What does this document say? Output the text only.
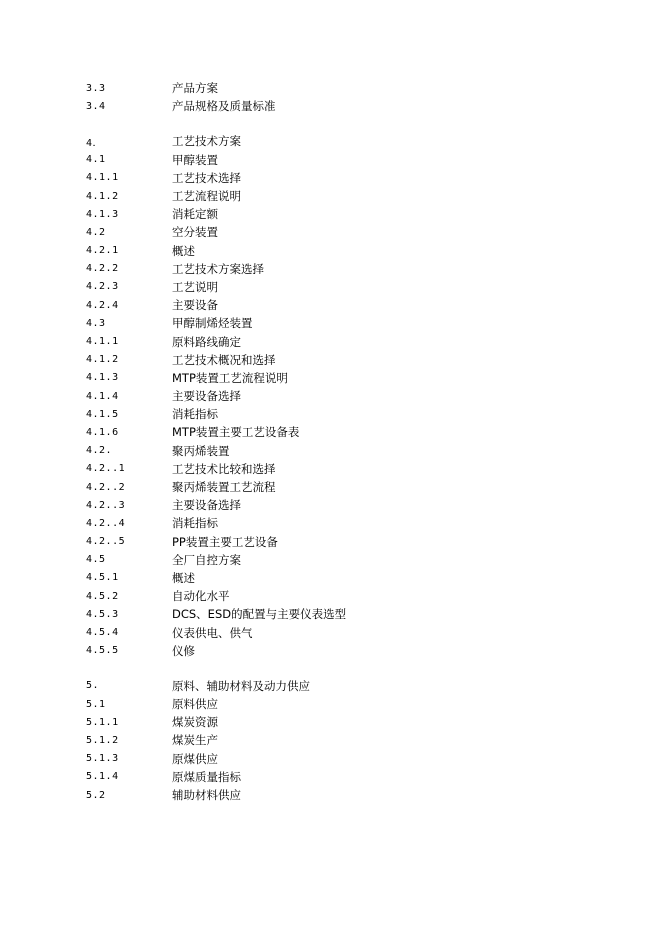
3.3	产品方案
3.4	产品规格及质量标准
4．	工艺技术方案
4.1	甲醇装置
4.1.1	工艺技术选择
4.1.2	工艺流程说明
4.1.3	消耗定额
4.2	空分装置
4.2.1	概述
4.2.2	工艺技术方案选择
4.2.3	工艺说明
4.2.4	主要设备
4.3	甲醇制烯烃装置
4.1.1	原料路线确定
4.1.2	工艺技术概况和选择
4.1.3	MTP装置工艺流程说明
4.1.4	主要设备选择
4.1.5	消耗指标
4.1.6	MTP装置主要工艺设备表
4.2.	聚丙烯装置
4.2..1	工艺技术比较和选择
4.2..2	聚丙烯装置工艺流程
4.2..3	主要设备选择
4.2..4	消耗指标
4.2..5	PP装置主要工艺设备
4.5	全厂自控方案
4.5.1	概述
4.5.2	自动化水平
4.5.3	DCS、ESD的配置与主要仪表选型
4.5.4	仪表供电、供气
4.5.5	仪修
5.	原料、辅助材料及动力供应
5.1	原料供应
5.1.1	煤炭资源
5.1.2	煤炭生产
5.1.3	原煤供应
5.1.4	原煤质量指标
5.2	辅助材料供应
